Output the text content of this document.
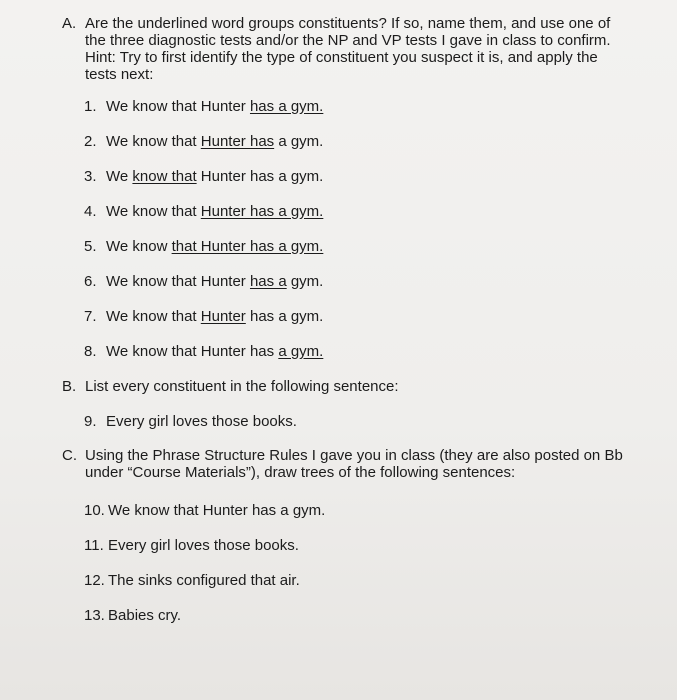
A. Are the underlined word groups constituents? If so, name them, and use one of
the three diagnostic tests and/or the NP and VP tests I gave in class to confirm.
Hint: Try to first identify the type of constituent you suspect it is, and apply the
tests next:
1. We know that Hunter has a gym.
2. We know that Hunter has a gym.
3. We know that Hunter has a gym.
4. We know that Hunter has a gym.
5. We know that Hunter has a gym.
6. We know that Hunter has a gym.
7. We know that Hunter has a gym.
8. We know that Hunter has a gym.
B. List every constituent in the following sentence:
9. Every girl loves those books.
C. Using the Phrase Structure Rules I gave you in class (they are also posted on Bb
under “Course Materials”), draw trees of the following sentences:
10. We know that Hunter has a gym.
11. Every girl loves those books.
12. The sinks configured that air.
13. Babies cry.
